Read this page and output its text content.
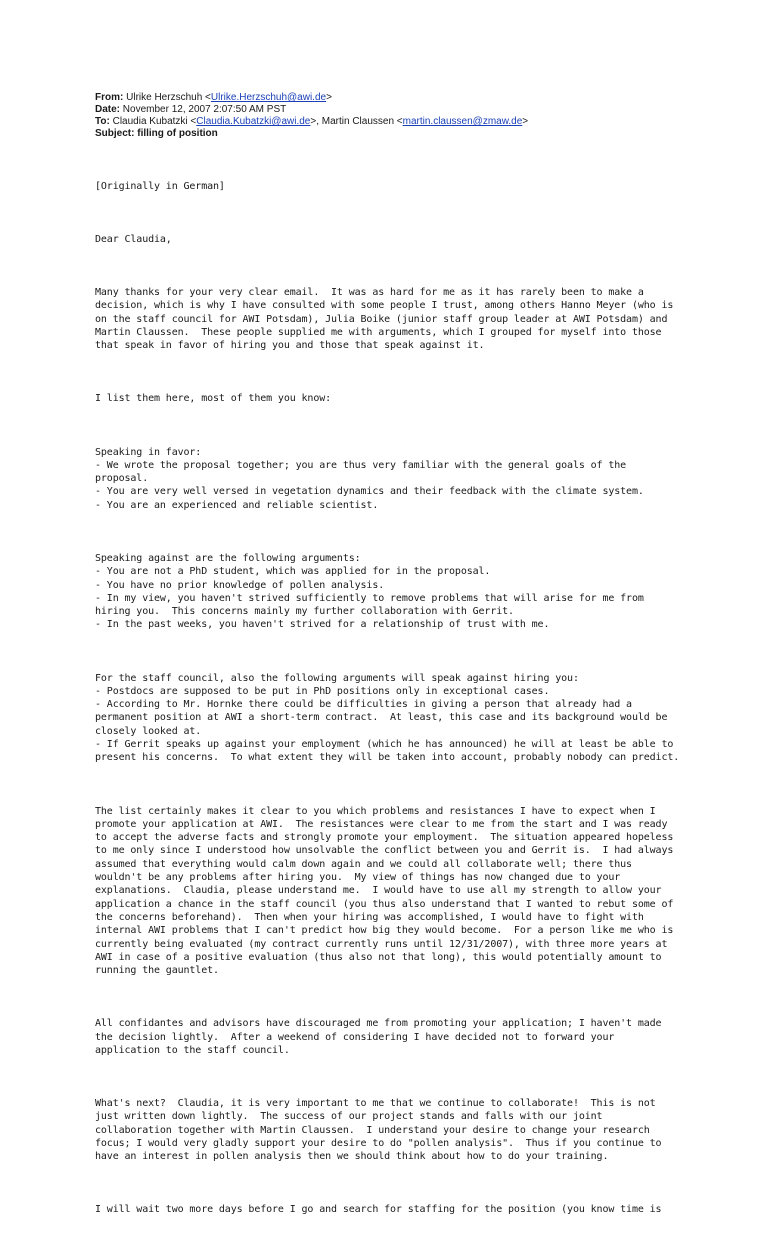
From: Ulrike Herzschuh <Ulrike.Herzschuh@awi.de>
Date: November 12, 2007 2:07:50 AM PST
To: Claudia Kubatzki <Claudia.Kubatzki@awi.de>, Martin Claussen <martin.claussen@zmaw.de>
Subject: filling of position

[Originally in German]

Dear Claudia,

Many thanks for your very clear email.  It was as hard for me as it has rarely been to make a
decision, which is why I have consulted with some people I trust, among others Hanno Meyer (who is
on the staff council for AWI Potsdam), Julia Boike (junior staff group leader at AWI Potsdam) and
Martin Claussen.  These people supplied me with arguments, which I grouped for myself into those
that speak in favor of hiring you and those that speak against it.

I list them here, most of them you know:

Speaking in favor:
- We wrote the proposal together; you are thus very familiar with the general goals of the
proposal.
- You are very well versed in vegetation dynamics and their feedback with the climate system.
- You are an experienced and reliable scientist.

Speaking against are the following arguments:
- You are not a PhD student, which was applied for in the proposal.
- You have no prior knowledge of pollen analysis.
- In my view, you haven't strived sufficiently to remove problems that will arise for me from
hiring you.  This concerns mainly my further collaboration with Gerrit.
- In the past weeks, you haven't strived for a relationship of trust with me.

For the staff council, also the following arguments will speak against hiring you:
- Postdocs are supposed to be put in PhD positions only in exceptional cases.
- According to Mr. Hornke there could be difficulties in giving a person that already had a
permanent position at AWI a short-term contract.  At least, this case and its background would be
closely looked at.
- If Gerrit speaks up against your employment (which he has announced) he will at least be able to
present his concerns.  To what extent they will be taken into account, probably nobody can predict.

The list certainly makes it clear to you which problems and resistances I have to expect when I
promote your application at AWI.  The resistances were clear to me from the start and I was ready
to accept the adverse facts and strongly promote your employment.  The situation appeared hopeless
to me only since I understood how unsolvable the conflict between you and Gerrit is.  I had always
assumed that everything would calm down again and we could all collaborate well; there thus
wouldn't be any problems after hiring you.  My view of things has now changed due to your
explanations.  Claudia, please understand me.  I would have to use all my strength to allow your
application a chance in the staff council (you thus also understand that I wanted to rebut some of
the concerns beforehand).  Then when your hiring was accomplished, I would have to fight with
internal AWI problems that I can't predict how big they would become.  For a person like me who is
currently being evaluated (my contract currently runs until 12/31/2007), with three more years at
AWI in case of a positive evaluation (thus also not that long), this would potentially amount to
running the gauntlet.

All confidantes and advisors have discouraged me from promoting your application; I haven't made
the decision lightly.  After a weekend of considering I have decided not to forward your
application to the staff council.

What's next?  Claudia, it is very important to me that we continue to collaborate!  This is not
just written down lightly.  The success of our project stands and falls with our joint
collaboration together with Martin Claussen.  I understand your desire to change your research
focus; I would very gladly support your desire to do "pollen analysis".  Thus if you continue to
have an interest in pollen analysis then we should think about how to do your training.

I will wait two more days before I go and search for staffing for the position (you know time is
